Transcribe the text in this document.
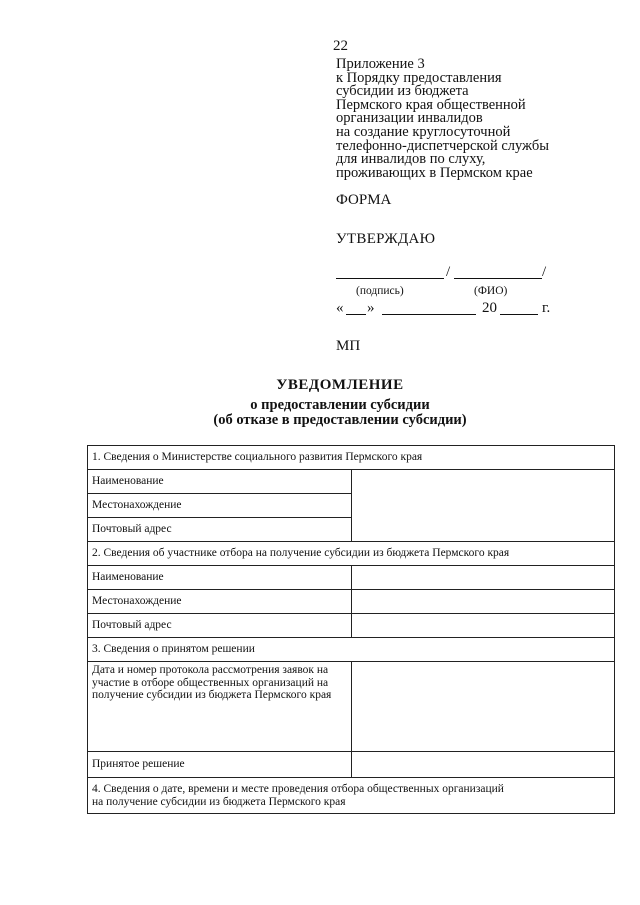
22
Приложение 3
к Порядку предоставления
субсидии из бюджета
Пермского края общественной
организации инвалидов
на создание круглосуточной
телефонно-диспетчерской службы
для инвалидов по слуху,
проживающих в Пермском крае
ФОРМА
УТВЕРЖДАЮ
/	/
(подпись)	(ФИО)
« »	20	г.
МП
УВЕДОМЛЕНИЕ
о предоставлении субсидии
(об отказе в предоставлении субсидии)
1. Сведения о Министерстве социального развития Пермского края	
Наименование	
Местонахождение	
Почтовый адрес	
2. Сведения об участнике отбора на получение субсидии из бюджета Пермского края	
Наименование	
Местонахождение	
Почтовый адрес	
3. Сведения о принятом решении	
Дата и номер протокола рассмотрения заявок на участие в отборе общественных организаций на получение субсидии из бюджета Пермского края	
Принятое решение	

4. Сведения о дате, времени и месте проведения отбора общественных организаций
на получение субсидии из бюджета Пермского края	
